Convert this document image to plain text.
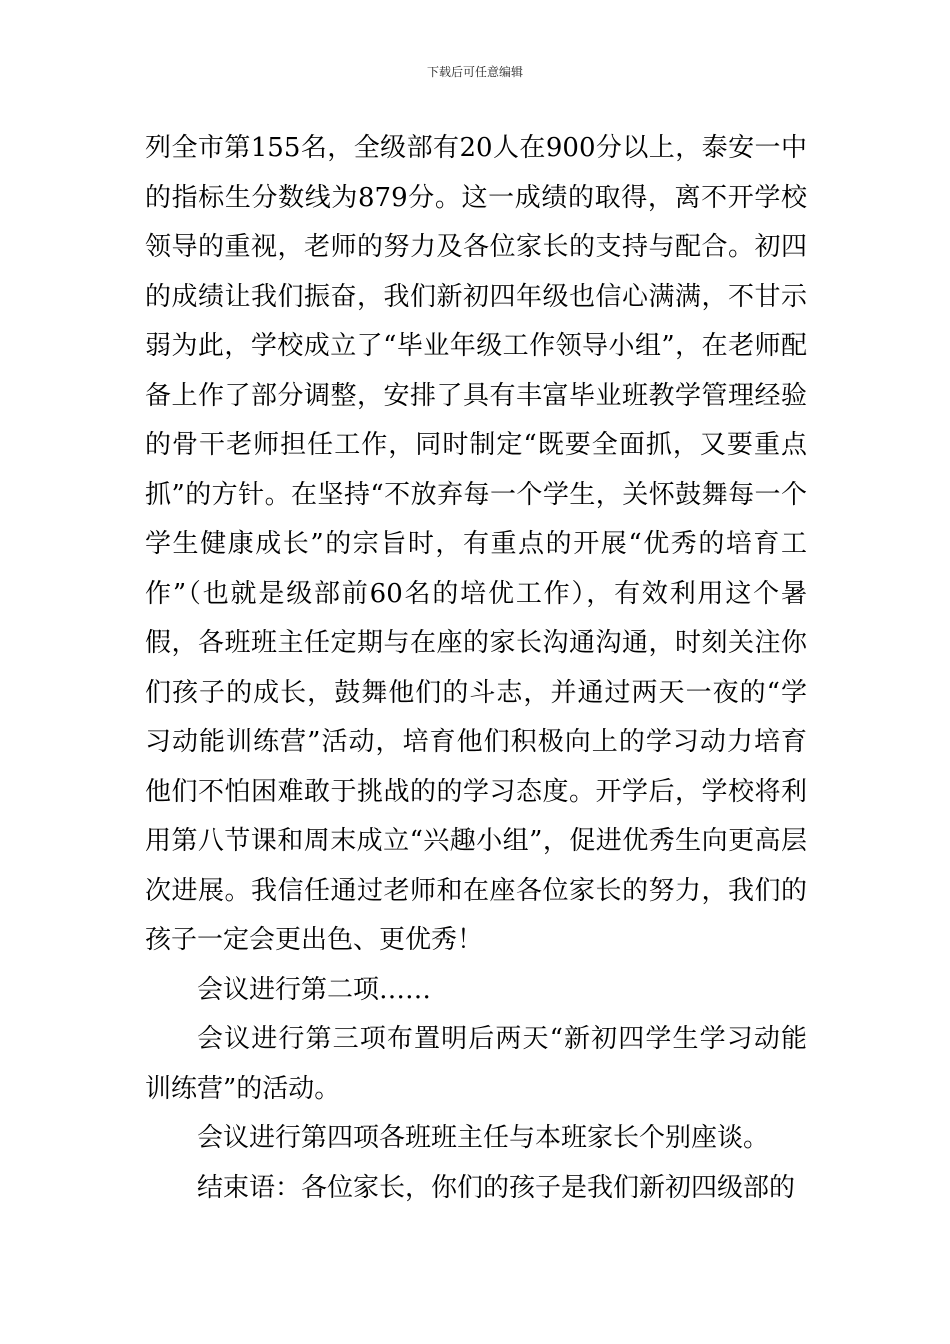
下载后可任意编辑

列全市第155名，全级部有20人在900分以上，泰安一中的指标生分数线为879分。这一成绩的取得，离不开学校领导的重视，老师的努力及各位家长的支持与配合。初四的成绩让我们振奋，我们新初四年级也信心满满，不甘示弱为此，学校成立了“毕业年级工作领导小组”，在老师配备上作了部分调整，安排了具有丰富毕业班教学管理经验的骨干老师担任工作，同时制定“既要全面抓，又要重点抓”的方针。在坚持“不放弃每一个学生，关怀鼓舞每一个学生健康成长”的宗旨时，有重点的开展“优秀的培育工作”（也就是级部前60名的培优工作），有效利用这个暑假，各班班主任定期与在座的家长沟通沟通，时刻关注你们孩子的成长，鼓舞他们的斗志，并通过两天一夜的“学习动能训练营”活动，培育他们积极向上的学习动力培育他们不怕困难敢于挑战的的学习态度。开学后，学校将利用第八节课和周末成立“兴趣小组”，促进优秀生向更高层次进展。我信任通过老师和在座各位家长的努力，我们的孩子一定会更出色、更优秀！

会议进行第二项……

会议进行第三项布置明后两天“新初四学生学习动能训练营”的活动。

会议进行第四项各班班主任与本班家长个别座谈。

结束语：各位家长，你们的孩子是我们新初四级部的
